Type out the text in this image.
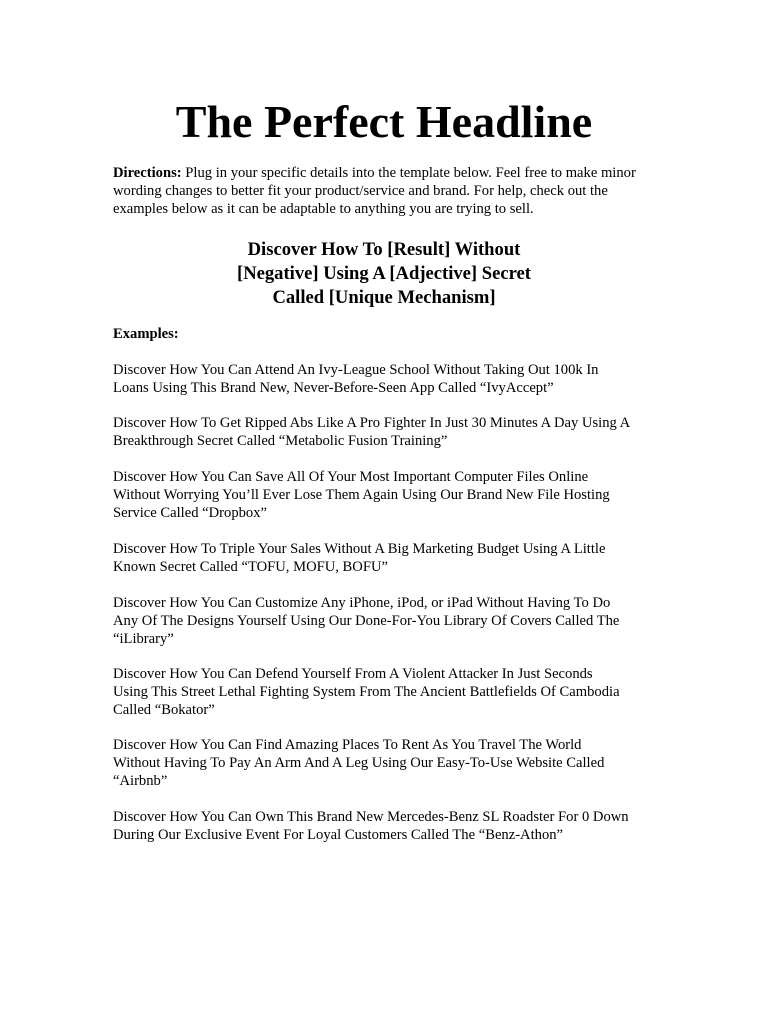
The Perfect Headline

Directions: Plug in your specific details into the template below. Feel free to make minor
wording changes to better fit your product/service and brand. For help, check out the
examples below as it can be adaptable to anything you are trying to sell.

Discover How To [Result] Without
[Negative] Using A [Adjective] Secret
Called [Unique Mechanism]

Examples:

Discover How You Can Attend An Ivy-League School Without Taking Out 100k In
Loans Using This Brand New, Never-Before-Seen App Called “IvyAccept”

Discover How To Get Ripped Abs Like A Pro Fighter In Just 30 Minutes A Day Using A
Breakthrough Secret Called “Metabolic Fusion Training”

Discover How You Can Save All Of Your Most Important Computer Files Online
Without Worrying You’ll Ever Lose Them Again Using Our Brand New File Hosting
Service Called “Dropbox”

Discover How To Triple Your Sales Without A Big Marketing Budget Using A Little
Known Secret Called “TOFU, MOFU, BOFU”

Discover How You Can Customize Any iPhone, iPod, or iPad Without Having To Do
Any Of The Designs Yourself Using Our Done-For-You Library Of Covers Called The
“iLibrary”

Discover How You Can Defend Yourself From A Violent Attacker In Just Seconds
Using This Street Lethal Fighting System From The Ancient Battlefields Of Cambodia
Called “Bokator”

Discover How You Can Find Amazing Places To Rent As You Travel The World
Without Having To Pay An Arm And A Leg Using Our Easy-To-Use Website Called
“Airbnb”

Discover How You Can Own This Brand New Mercedes-Benz SL Roadster For 0 Down
During Our Exclusive Event For Loyal Customers Called The “Benz-Athon”
